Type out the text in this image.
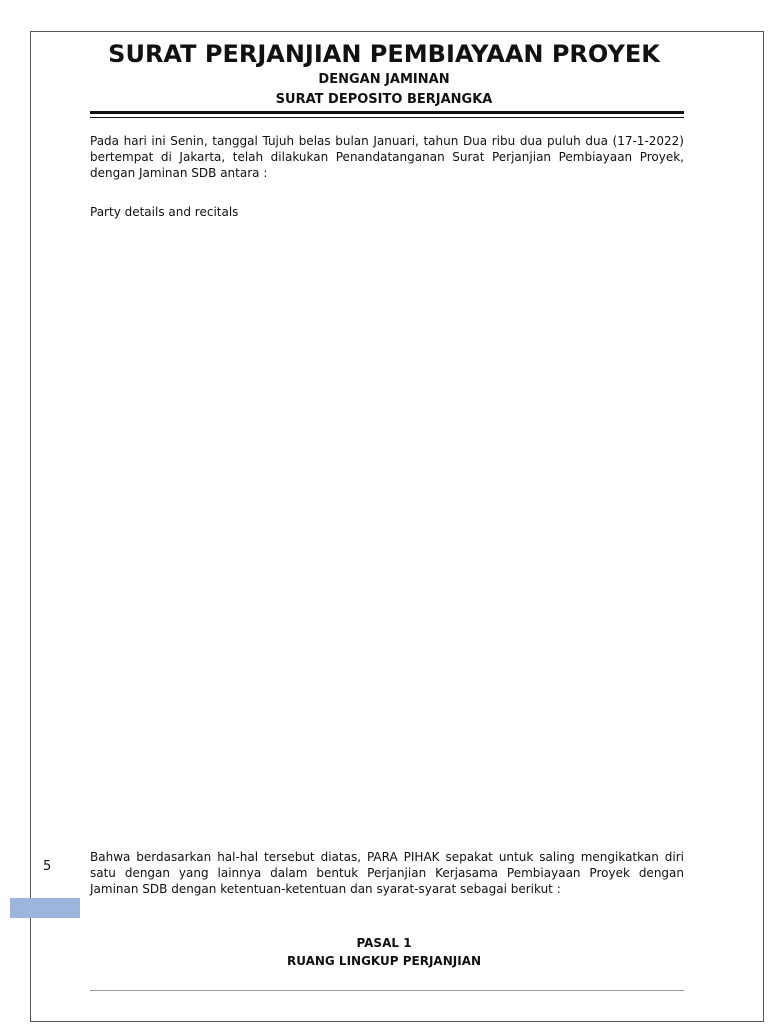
SURAT PERJANJIAN PEMBIAYAAN PROYEK
DENGAN JAMINAN
SURAT DEPOSITO BERJANGKA
Pada hari ini Senin, tanggal Tujuh belas bulan Januari, tahun Dua ribu dua puluh dua (17-1-2022) bertempat di Jakarta, telah dilakukan Penandatanganan Surat Perjanjian Pembiayaan Proyek, dengan Jaminan SDB antara :
Party details and recitals
Bahwa berdasarkan hal-hal tersebut diatas, PARA PIHAK sepakat untuk saling mengikatkan diri satu dengan yang lainnya dalam bentuk Perjanjian Kerjasama Pembiayaan Proyek dengan Jaminan SDB dengan ketentuan-ketentuan dan syarat-syarat sebagai berikut :
5
PASAL 1
RUANG LINGKUP PERJANJIAN
